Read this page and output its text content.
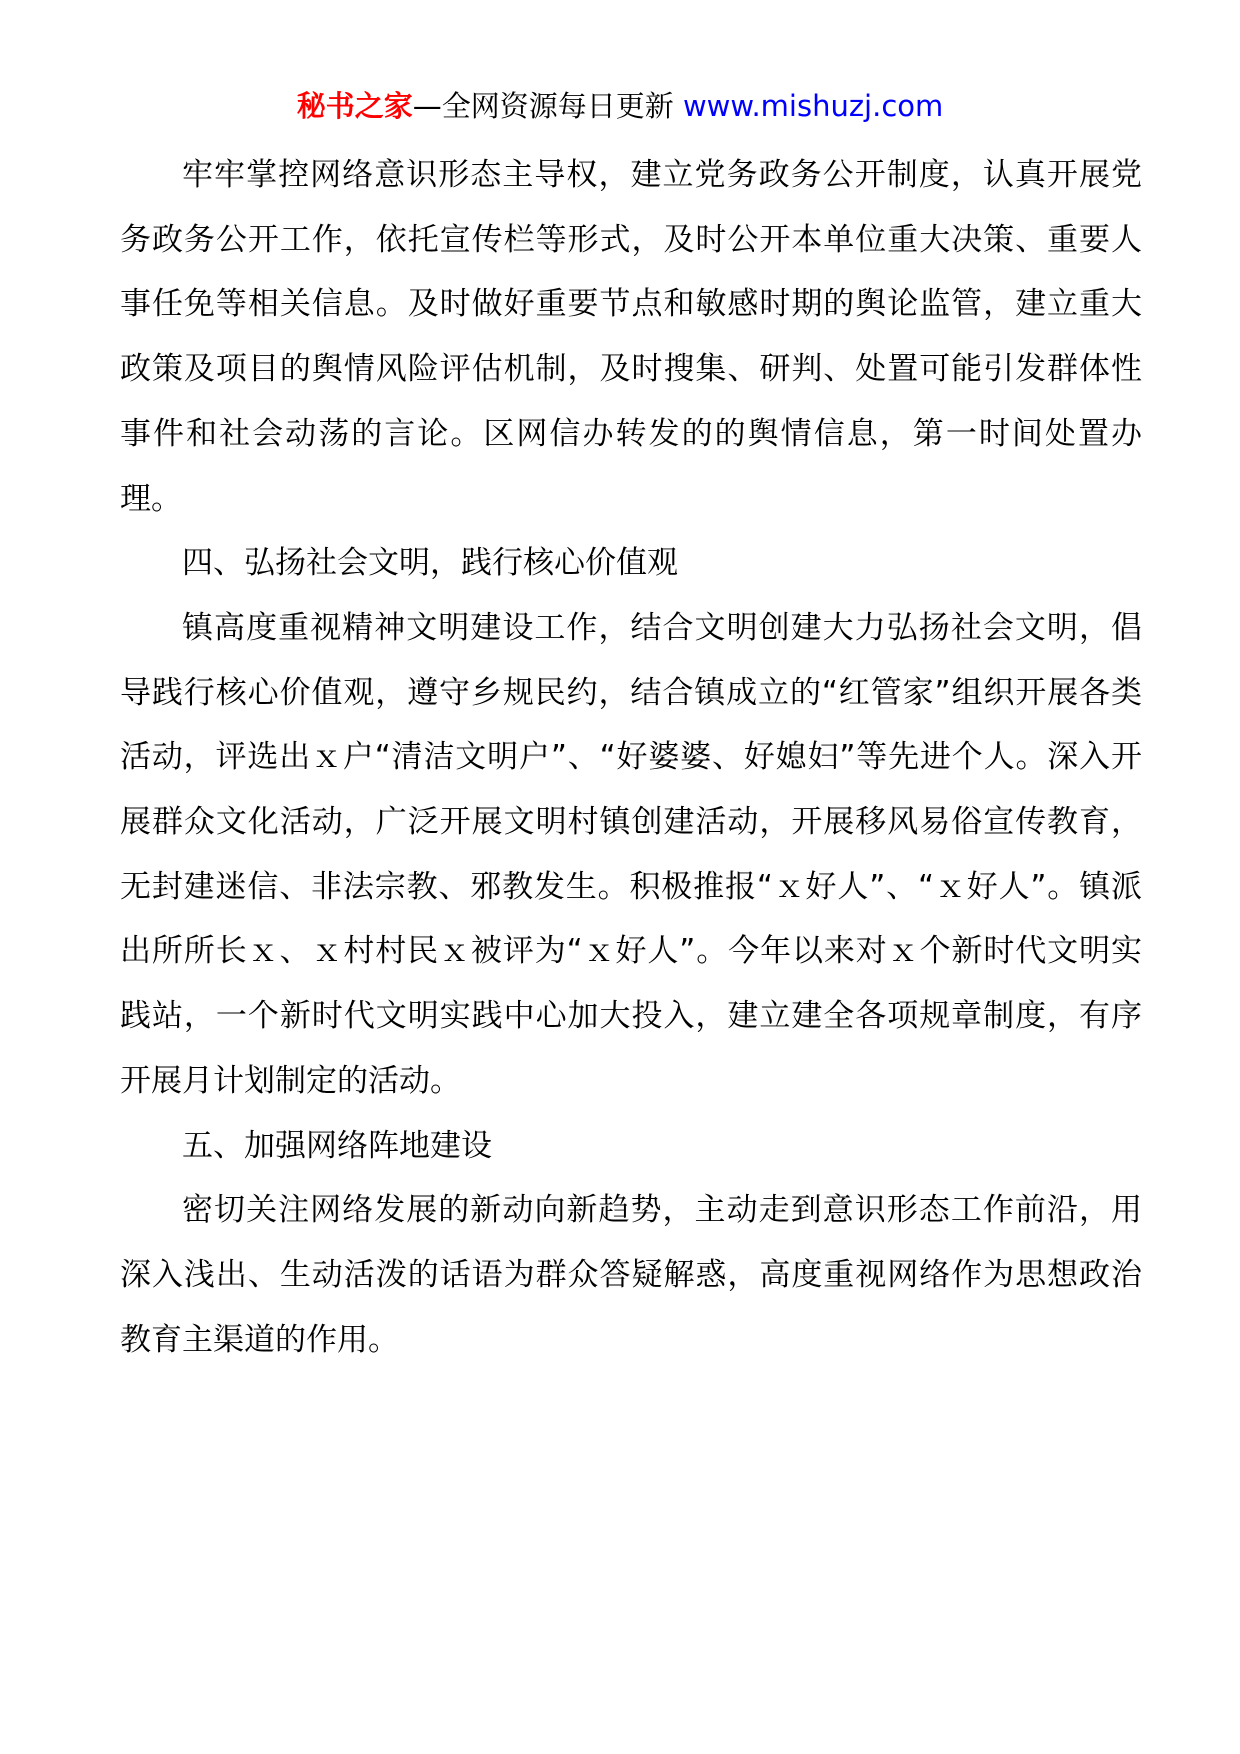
秘书之家—全网资源每日更新 www.mishuzj.com

牢牢掌控网络意识形态主导权，建立党务政务公开制度，认真开展党务政务公开工作，依托宣传栏等形式，及时公开本单位重大决策、重要人事任免等相关信息。及时做好重要节点和敏感时期的舆论监管，建立重大政策及项目的舆情风险评估机制，及时搜集、研判、处置可能引发群体性事件和社会动荡的言论。区网信办转发的的舆情信息，第一时间处置办理。

四、弘扬社会文明，践行核心价值观

镇高度重视精神文明建设工作，结合文明创建大力弘扬社会文明，倡导践行核心价值观，遵守乡规民约，结合镇成立的“红管家”组织开展各类活动，评选出ｘ户“清洁文明户”、“好婆婆、好媳妇”等先进个人。深入开展群众文化活动，广泛开展文明村镇创建活动，开展移风易俗宣传教育，无封建迷信、非法宗教、邪教发生。积极推报“ｘ好人”、“ｘ好人”。镇派出所所长ｘ、ｘ村村民ｘ被评为“ｘ好人”。今年以来对ｘ个新时代文明实践站，一个新时代文明实践中心加大投入，建立建全各项规章制度，有序开展月计划制定的活动。

五、加强网络阵地建设

密切关注网络发展的新动向新趋势，主动走到意识形态工作前沿，用深入浅出、生动活泼的话语为群众答疑解惑，高度重视网络作为思想政治教育主渠道的作用。
